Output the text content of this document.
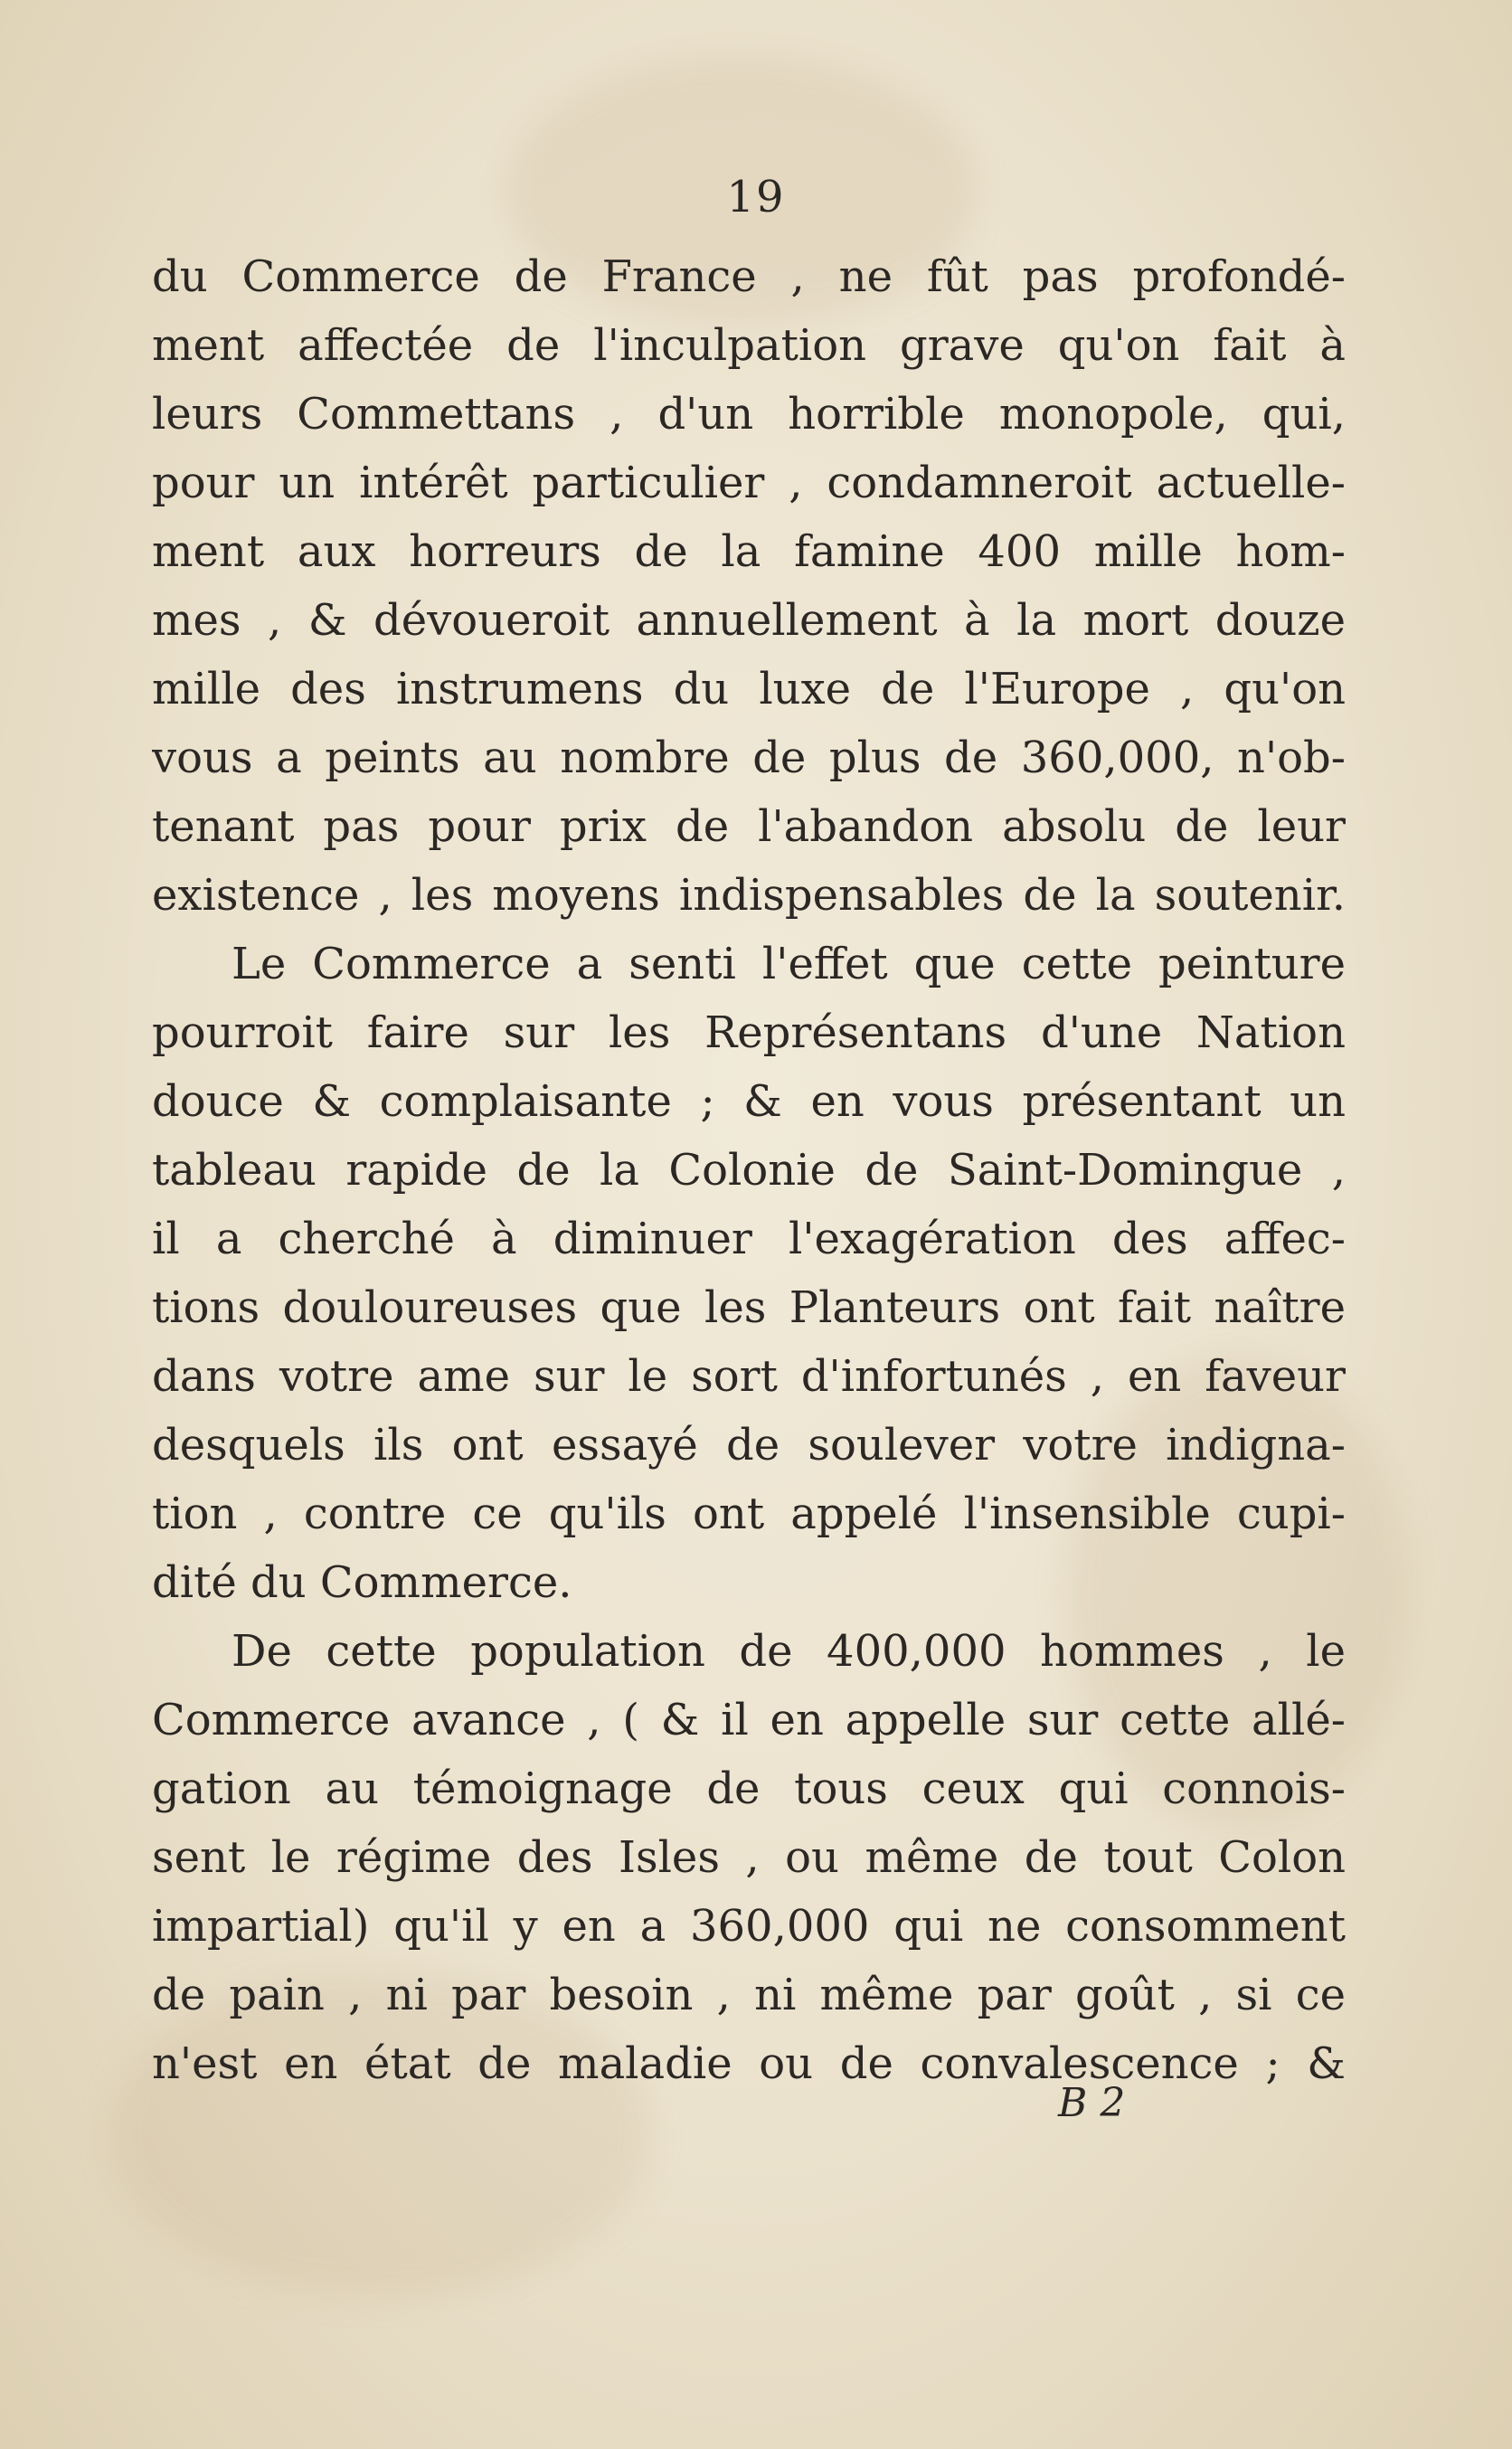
19
du Commerce de France , ne fût pas profondé-
ment affectée de l'inculpation grave qu'on fait à
leurs Commettans , d'un horrible monopole, qui,
pour un intérêt particulier , condamneroit actuelle-
ment aux horreurs de la famine 400 mille hom-
mes , & dévoueroit annuellement à la mort douze
mille des instrumens du luxe de l'Europe , qu'on
vous a peints au nombre de plus de 360,000, n'ob-
tenant pas pour prix de l'abandon absolu de leur
existence , les moyens indispensables de la soutenir.
Le Commerce a senti l'effet que cette peinture
pourroit faire sur les Représentans d'une Nation
douce & complaisante ; & en vous présentant un
tableau rapide de la Colonie de Saint-Domingue ,
il a cherché à diminuer l'exagération des affec-
tions douloureuses que les Planteurs ont fait naître
dans votre ame sur le sort d'infortunés , en faveur
desquels ils ont essayé de soulever votre indigna-
tion , contre ce qu'ils ont appelé l'insensible cupi-
dité du Commerce.
De cette population de 400,000 hommes , le
Commerce avance , ( & il en appelle sur cette allé-
gation au témoignage de tous ceux qui connois-
sent le régime des Isles , ou même de tout Colon
impartial) qu'il y en a 360,000 qui ne consomment
de pain , ni par besoin , ni même par goût , si ce
n'est en état de maladie ou de convalescence ; &
B 2
